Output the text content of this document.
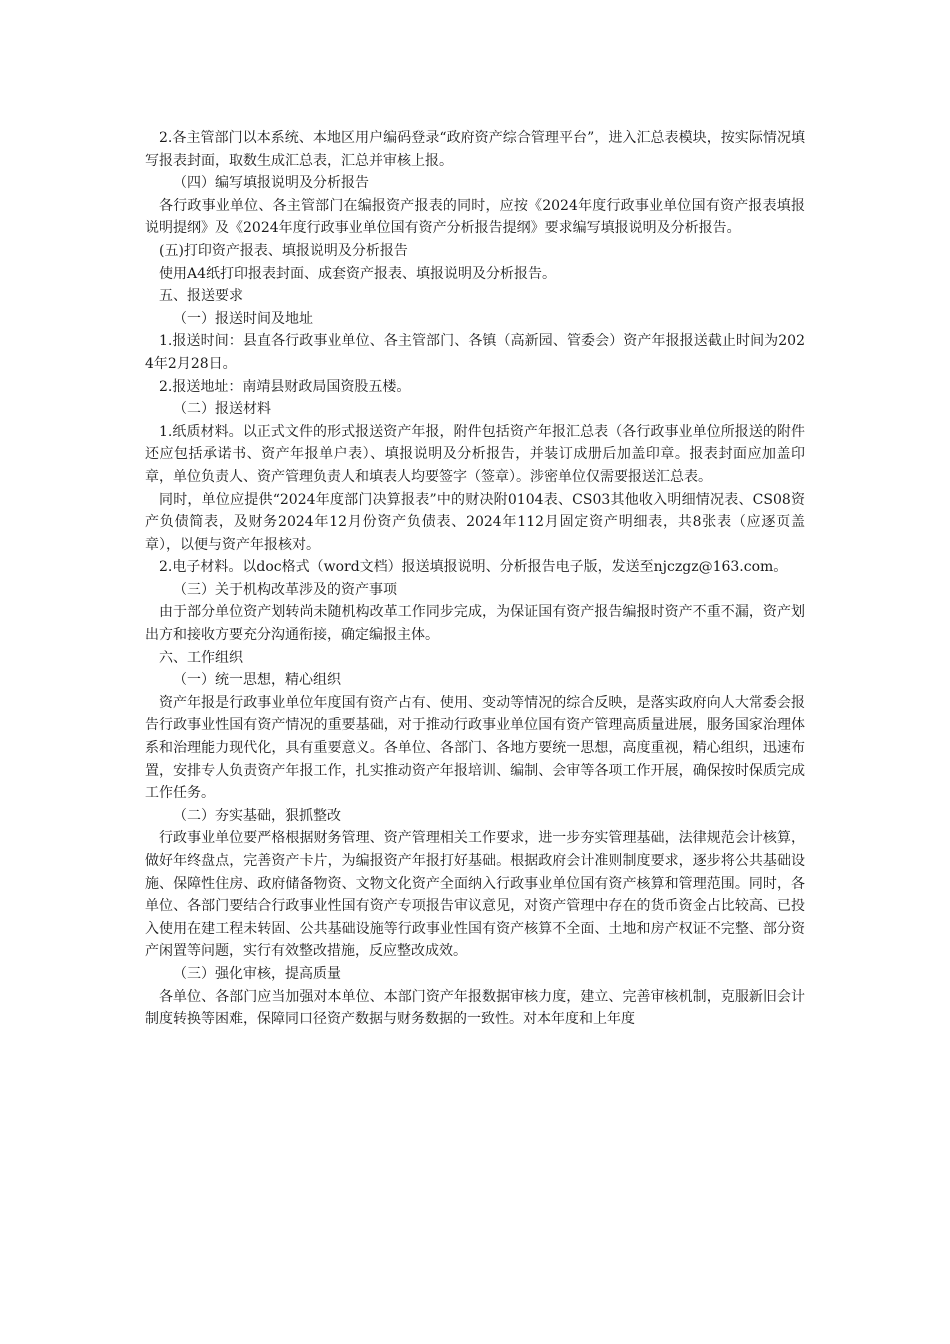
2.各主管部门以本系统、本地区用户编码登录“政府资产综合管理平台”，进入汇总表模块，按实际情况填写报表封面，取数生成汇总表，汇总并审核上报。

（四）编写填报说明及分析报告

各行政事业单位、各主管部门在编报资产报表的同时，应按《2024年度行政事业单位国有资产报表填报说明提纲》及《2024年度行政事业单位国有资产分析报告提纲》要求编写填报说明及分析报告。

(五)打印资产报表、填报说明及分析报告

使用A4纸打印报表封面、成套资产报表、填报说明及分析报告。

五、报送要求

（一）报送时间及地址

1.报送时间：县直各行政事业单位、各主管部门、各镇（高新园、管委会）资产年报报送截止时间为2024年2月28日。

2.报送地址：南靖县财政局国资股五楼。

（二）报送材料

1.纸质材料。以正式文件的形式报送资产年报，附件包括资产年报汇总表（各行政事业单位所报送的附件还应包括承诺书、资产年报单户表）、填报说明及分析报告，并装订成册后加盖印章。报表封面应加盖印章，单位负责人、资产管理负责人和填表人均要签字（签章）。涉密单位仅需要报送汇总表。

同时，单位应提供“2024年度部门决算报表”中的财决附0104表、CS03其他收入明细情况表、CS08资产负债简表，及财务2024年12月份资产负债表、2024年112月固定资产明细表，共8张表（应逐页盖章），以便与资产年报核对。

2.电子材料。以doc格式（word文档）报送填报说明、分析报告电子版，发送至njczgz@163.com。

（三）关于机构改革涉及的资产事项

由于部分单位资产划转尚未随机构改革工作同步完成，为保证国有资产报告编报时资产不重不漏，资产划出方和接收方要充分沟通衔接，确定编报主体。

六、工作组织

（一）统一思想，精心组织

资产年报是行政事业单位年度国有资产占有、使用、变动等情况的综合反映，是落实政府向人大常委会报告行政事业性国有资产情况的重要基础，对于推动行政事业单位国有资产管理高质量进展，服务国家治理体系和治理能力现代化，具有重要意义。各单位、各部门、各地方要统一思想，高度重视，精心组织，迅速布置，安排专人负责资产年报工作，扎实推动资产年报培训、编制、会审等各项工作开展，确保按时保质完成工作任务。

（二）夯实基础，狠抓整改

行政事业单位要严格根据财务管理、资产管理相关工作要求，进一步夯实管理基础，法律规范会计核算，做好年终盘点，完善资产卡片，为编报资产年报打好基础。根据政府会计准则制度要求，逐步将公共基础设施、保障性住房、政府储备物资、文物文化资产全面纳入行政事业单位国有资产核算和管理范围。同时，各单位、各部门要结合行政事业性国有资产专项报告审议意见，对资产管理中存在的货币资金占比较高、已投入使用在建工程未转固、公共基础设施等行政事业性国有资产核算不全面、土地和房产权证不完整、部分资产闲置等问题，实行有效整改措施，反应整改成效。

（三）强化审核，提高质量

各单位、各部门应当加强对本单位、本部门资产年报数据审核力度，建立、完善审核机制，克服新旧会计制度转换等困难，保障同口径资产数据与财务数据的一致性。对本年度和上年度
